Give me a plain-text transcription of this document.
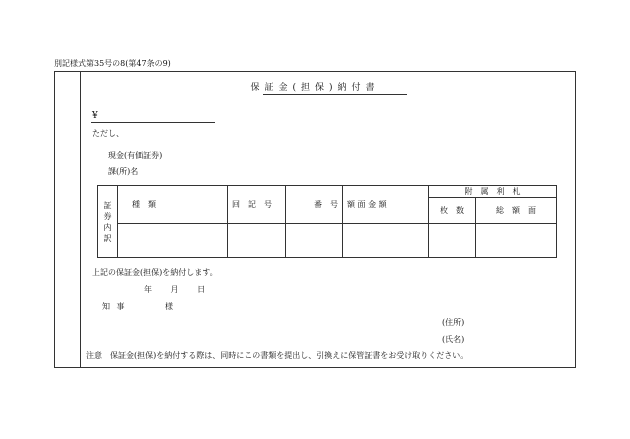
別記様式第35号の8(第47条の9)
保証金(担保)納付書
¥
ただし、
現金(有価証券)
課(所)名
証券
内訳	種　類	回　記　号	番　号	額 面 金 額	附　属　利　札	
					枚　数	総　額　面

上記の保証金(担保)を納付します。
年 月 日
知 事	様
(住所)
(氏名)
注意　保証金(担保)を納付する際は、同時にこの書類を提出し、引換えに保管証書をお受け取りください。
